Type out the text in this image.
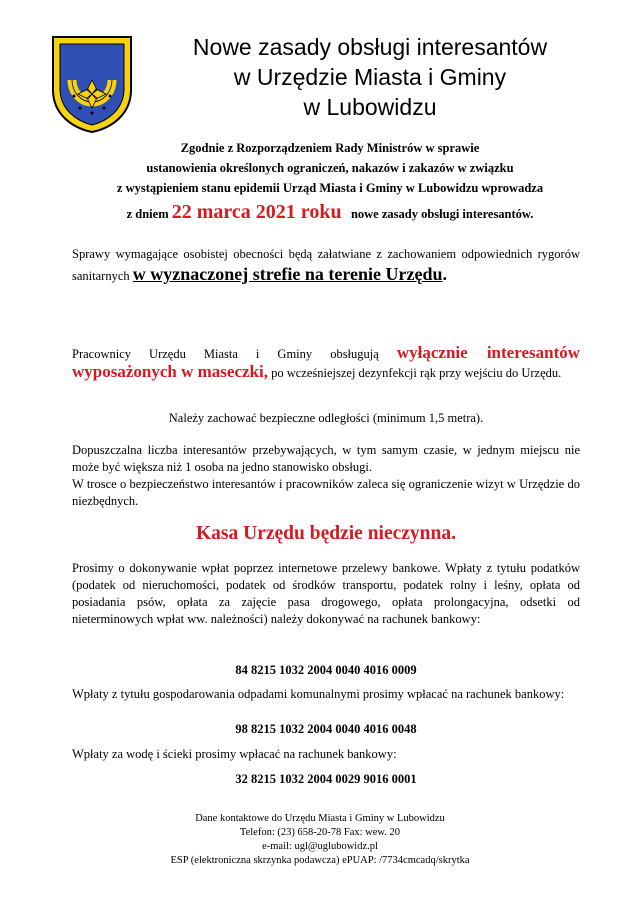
Nowe zasady obsługi interesantów
w Urzędzie Miasta i Gminy
w Lubowidzu
Zgodnie z Rozporządzeniem Rady Ministrów w sprawie
ustanowienia określonych ograniczeń, nakazów i zakazów w związku
z wystąpieniem stanu epidemii Urząd Miasta i Gminy w Lubowidzu wprowadza
z dniem 22 marca 2021 roku nowe zasady obsługi interesantów.
Sprawy wymagające osobistej obecności będą załatwiane z zachowaniem odpowiednich rygorów sanitarnych w wyznaczonej strefie na terenie Urzędu.
Pracownicy Urzędu Miasta i Gminy obsługują wyłącznie interesantów wyposażonych w maseczki, po wcześniejszej dezynfekcji rąk przy wejściu do Urzędu.
Należy zachować bezpieczne odległości (minimum 1,5 metra).
Dopuszczalna liczba interesantów przebywających, w tym samym czasie, w jednym miejscu nie może być większa niż 1 osoba na jedno stanowisko obsługi.
W trosce o bezpieczeństwo interesantów i pracowników zaleca się ograniczenie wizyt w Urzędzie do niezbędnych.
Kasa Urzędu będzie nieczynna.
Prosimy o dokonywanie wpłat poprzez internetowe przelewy bankowe. Wpłaty z tytułu podatków (podatek od nieruchomości, podatek od środków transportu, podatek rolny i leśny, opłata od posiadania psów, opłata za zajęcie pasa drogowego, opłata prolongacyjna, odsetki od nieterminowych wpłat ww. należności) należy dokonywać na rachunek bankowy:
84 8215 1032 2004 0040 4016 0009
Wpłaty z tytułu gospodarowania odpadami komunalnymi prosimy wpłacać na rachunek bankowy:
98 8215 1032 2004 0040 4016 0048
Wpłaty za wodę i ścieki prosimy wpłacać na rachunek bankowy:
32 8215 1032 2004 0029 9016 0001
Dane kontaktowe do Urzędu Miasta i Gminy w Lubowidzu
Telefon: (23) 658-20-78 Fax: wew. 20
e-mail: ugl@uglubowidz.pl
ESP (elektroniczna skrzynka podawcza) ePUAP: /7734cmcadq/skrytka
